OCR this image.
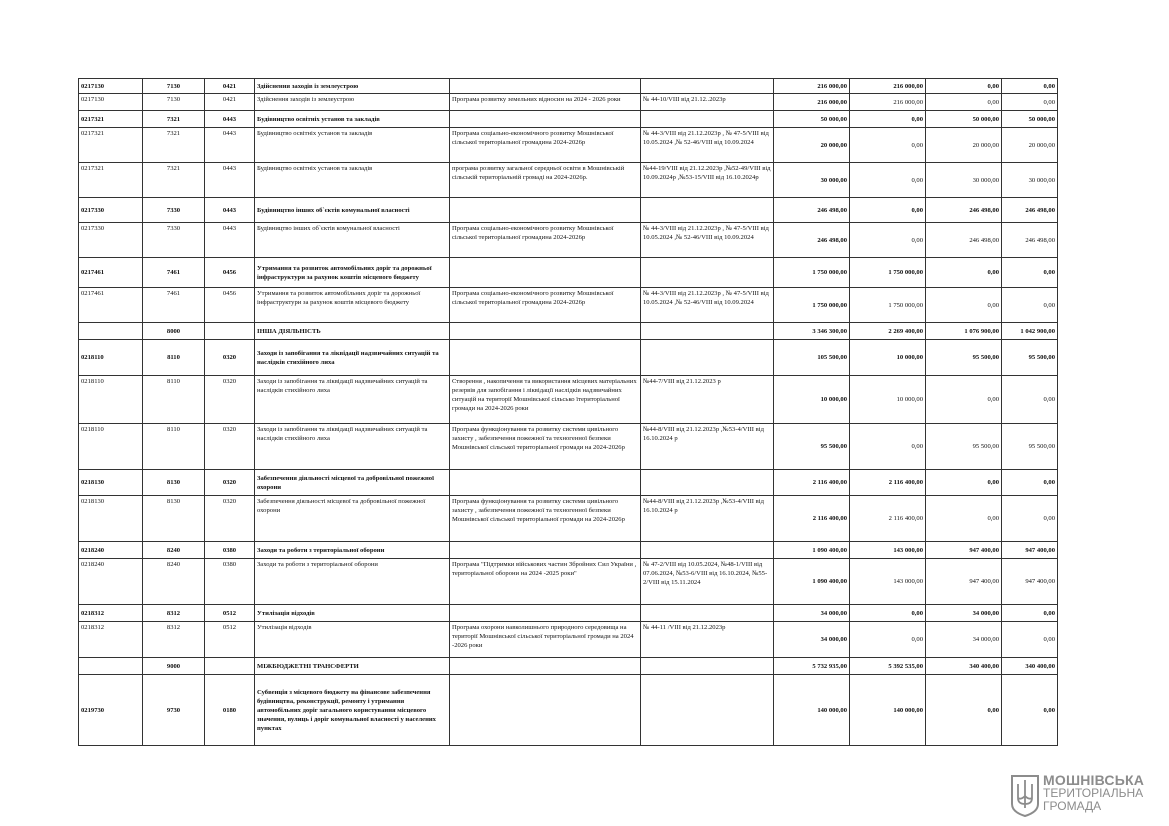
0217130	7130	0421	Здійснення заходів із землеустрою			216 000,00	216 000,00	0,00	0,00
0217130	7130	0421	Здійснення заходів із землеустрою	Програма розвитку земельних відносин на 2024 - 2026 роки	№ 44-10/VIII від 21.12..2023р	216 000,00	216 000,00	0,00	0,00
0217321	7321	0443	Будівництво освітніх установ та закладів			50 000,00	0,00	50 000,00	50 000,00
0217321	7321	0443	Будівництво освітніх установ та закладів	Програма соціально-економічного розвитку Мошнівської сільської територіальної громадина 2024-2026р	№ 44-3/VIII від 21.12.2023р , № 47-5/VIII від 10.05.2024 ,№ 52-46/VIII від 10.09.2024	20 000,00	0,00	20 000,00	20 000,00
0217321	7321	0443	Будівництво освітніх установ та закладів	програма розвитку загальної середньої освіти в Мошнівській сільській територіальній громаді на 2024-2026р.	№44-19/VIII від 21.12.2023р ,№52-49/VIII від 10.09.2024р ,№53-15/VIII від 16.10.2024р	30 000,00	0,00	30 000,00	30 000,00
0217330	7330	0443	Будівництво інших об`єктів комунальної власності			246 498,00	0,00	246 498,00	246 498,00
0217330	7330	0443	Будівництво інших об`єктів комунальної власності	Програма соціально-економічного розвитку Мошнівської сільської територіальної громадина 2024-2026р	№ 44-3/VIII від 21.12.2023р , № 47-5/VIII від 10.05.2024 ,№ 52-46/VIII від 10.09.2024	246 498,00	0,00	246 498,00	246 498,00
0217461	7461	0456	Утримання та розвиток автомобільних доріг та дорожньої інфраструктури за рахунок коштів місцевого бюджету			1 750 000,00	1 750 000,00	0,00	0,00
0217461	7461	0456	Утримання та розвиток автомобільних доріг та дорожньої інфраструктури за рахунок коштів місцевого бюджету	Програма соціально-економічного розвитку Мошнівської сільської територіальної громадина 2024-2026р	№ 44-3/VIII від 21.12.2023р , № 47-5/VIII від 10.05.2024 ,№ 52-46/VIII від 10.09.2024	1 750 000,00	1 750 000,00	0,00	0,00
	8000		ІНША ДІЯЛЬНІСТЬ			3 346 300,00	2 269 400,00	1 076 900,00	1 042 900,00
0218110	8110	0320	Заходи із запобігання та ліквідації надзвичайних ситуацій та наслідків стихійного лиха			105 500,00	10 000,00	95 500,00	95 500,00
0218110	8110	0320	Заходи із запобігання та ліквідації надзвичайних ситуацій та наслідків стихійного лиха	Створення , накопичення та використання місцевих матеріальних резервів для запобігання і ліквідації наслідків надзвичайних ситуацій на території Мошнівської сільсько їтериторіальної громади на 2024-2026 роки	№44-7/VIII від 21.12.2023 р	10 000,00	10 000,00	0,00	0,00
0218110	8110	0320	Заходи із запобігання та ліквідації надзвичайних ситуацій та наслідків стихійного лиха	Програма функціонування та розвитку системи цивільного захисту , забезпечення пожежної та техногенної безпеки Мошнівської сільської територіальної громади на 2024-2026р	№44-8/VIII від 21.12.2023р ,№53-4/VIII від 16.10.2024 р	95 500,00	0,00	95 500,00	95 500,00
0218130	8130	0320	Забезпечення діяльності місцевої та добровільної пожежної охорони			2 116 400,00	2 116 400,00	0,00	0,00
0218130	8130	0320	Забезпечення діяльності місцевої та добровільної пожежної охорони	Програма функціонування та розвитку системи цивільного захисту , забезпечення пожежної та техногенної безпеки Мошнівської сільської територіальної громади на 2024-2026р	№44-8/VIII від 21.12.2023р ,№53-4/VIII від 16.10.2024 р	2 116 400,00	2 116 400,00	0,00	0,00
0218240	8240	0380	Заходи та роботи з територіальної оборони			1 090 400,00	143 000,00	947 400,00	947 400,00
0218240	8240	0380	Заходи та роботи з територіальної оборони	Програма "Підтримки військових частин Збройних Сил України , територіальної оборони на 2024 -2025 роки"	№ 47-2/VIII від 10.05.2024, №48-1/VIII від 07.06.2024, №53-6/VIII від 16.10.2024, №55-2/VIII від 15.11.2024	1 090 400,00	143 000,00	947 400,00	947 400,00
0218312	8312	0512	Утилізація відходів			34 000,00	0,00	34 000,00	0,00
0218312	8312	0512	Утилізація відходів	Програма охорони навколишнього природного середовища на території Мошнівської сільської територіальної громади на 2024 -2026 роки	№ 44-11 /VIII від 21.12.2023р	34 000,00	0,00	34 000,00	0,00
	9000		МІЖБЮДЖЕТНІ ТРАНСФЕРТИ			5 732 935,00	5 392 535,00	340 400,00	340 400,00
0219730	9730	0180	Субвенція з місцевого бюджету на фінансове забезпечення будівництва, реконструкції, ремонту і утримання автомобільних доріг загального користування місцевого значення, вулиць і доріг комунальної власності у населених пунктах			140 000,00	140 000,00	0,00	0,00
МОШНІВСЬКА
ТЕРИТОРІАЛЬНА
ГРОМАДА
